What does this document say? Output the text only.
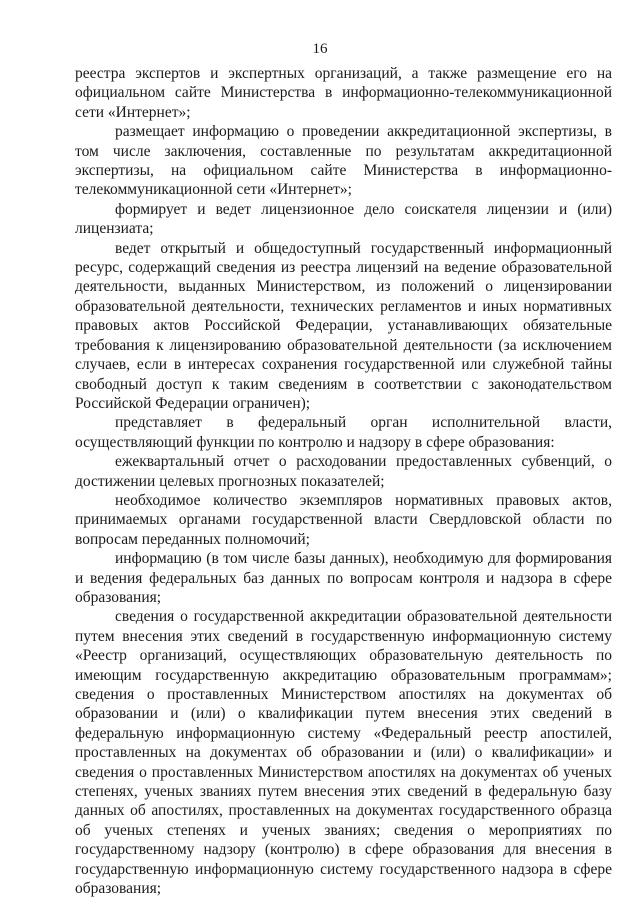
16

реестра экспертов и экспертных организаций, а также размещение его на официальном сайте Министерства в информационно-телекоммуникационной сети «Интернет»;

размещает информацию о проведении аккредитационной экспертизы, в том числе заключения, составленные по результатам аккредитационной экспертизы, на официальном сайте Министерства в информационно-телекоммуникационной сети «Интернет»;

формирует и ведет лицензионное дело соискателя лицензии и (или) лицензиата;

ведет открытый и общедоступный государственный информационный ресурс, содержащий сведения из реестра лицензий на ведение образовательной деятельности, выданных Министерством, из положений о лицензировании образовательной деятельности, технических регламентов и иных нормативных правовых актов Российской Федерации, устанавливающих обязательные требования к лицензированию образовательной деятельности (за исключением случаев, если в интересах сохранения государственной или служебной тайны свободный доступ к таким сведениям в соответствии с законодательством Российской Федерации ограничен);

представляет в федеральный орган исполнительной власти, осуществляющий функции по контролю и надзору в сфере образования:

ежеквартальный отчет о расходовании предоставленных субвенций, о достижении целевых прогнозных показателей;

необходимое количество экземпляров нормативных правовых актов, принимаемых органами государственной власти Свердловской области по вопросам переданных полномочий;

информацию (в том числе базы данных), необходимую для формирования и ведения федеральных баз данных по вопросам контроля и надзора в сфере образования;

сведения о государственной аккредитации образовательной деятельности путем внесения этих сведений в государственную информационную систему «Реестр организаций, осуществляющих образовательную деятельность по имеющим государственную аккредитацию образовательным программам»; сведения о проставленных Министерством апостилях на документах об образовании и (или) о квалификации путем внесения этих сведений в федеральную информационную систему «Федеральный реестр апостилей, проставленных на документах об образовании и (или) о квалификации» и сведения о проставленных Министерством апостилях на документах об ученых степенях, ученых званиях путем внесения этих сведений в федеральную базу данных об апостилях, проставленных на документах государственного образца об ученых степенях и ученых званиях; сведения о мероприятиях по государственному надзору (контролю) в сфере образования для внесения в государственную информационную систему государственного надзора в сфере образования;
